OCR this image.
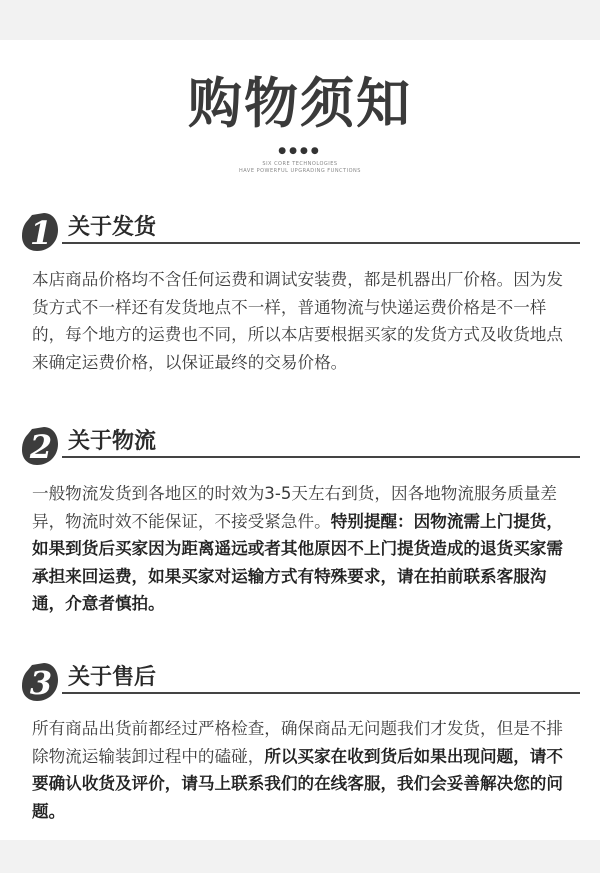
购物须知
●●●●
SIX CORE TECHNOLOGIES
HAVE POWERFUL UPGRADING FUNCTIONS
1 关于发货

本店商品价格均不含任何运费和调试安装费，都是机器出厂价格。因为发货方式不一样还有发货地点不一样，普通物流与快递运费价格是不一样的，每个地方的运费也不同，所以本店要根据买家的发货方式及收货地点来确定运费价格，以保证最终的交易价格。

2 关于物流

一般物流发货到各地区的时效为3-5天左右到货，因各地物流服务质量差异，物流时效不能保证，不接受紧急件。特别提醒：因物流需上门提货，如果到货后买家因为距离遥远或者其他原因不上门提货造成的退货买家需承担来回运费，如果买家对运输方式有特殊要求，请在拍前联系客服沟通，介意者慎拍。

3 关于售后

所有商品出货前都经过严格检查，确保商品无问题我们才发货，但是不排除物流运输装卸过程中的磕碰，所以买家在收到货后如果出现问题，请不要确认收货及评价，请马上联系我们的在线客服，我们会妥善解决您的问题。
